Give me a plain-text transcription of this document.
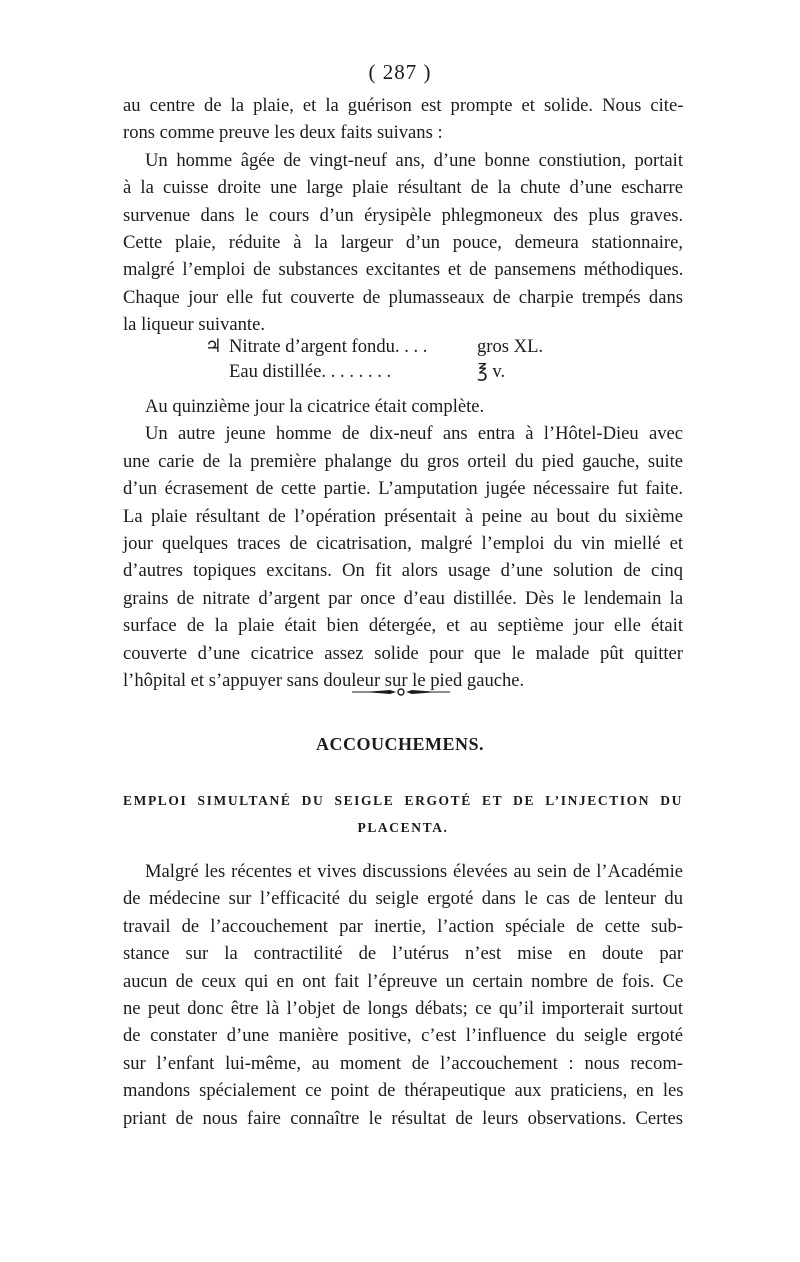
( 287 )
au centre de la plaie, et la guérison est prompte et solide. Nous cite-
rons comme preuve les deux faits suivans :
Un homme âgée de vingt-neuf ans, d’une bonne constiution, portait
à la cuisse droite une large plaie résultant de la chute d’une escharre
survenue dans le cours d’un érysipèle phlegmoneux des plus graves.
Cette plaie, réduite à la largeur d’un pouce, demeura stationnaire,
malgré l’emploi de substances excitantes et de pansemens méthodiques.
Chaque jour elle fut couverte de plumasseaux de charpie trempés dans
la liqueur suivante.
♃ Nitrate d’argent fondu. . . .	gros XL.
Eau distillée. . . . . . . .	℥ v.
Au quinzième jour la cicatrice était complète.
Un autre jeune homme de dix-neuf ans entra à l’Hôtel-Dieu avec
une carie de la première phalange du gros orteil du pied gauche, suite
d’un écrasement de cette partie. L’amputation jugée nécessaire fut faite.
La plaie résultant de l’opération présentait à peine au bout du sixième
jour quelques traces de cicatrisation, malgré l’emploi du vin miellé et
d’autres topiques excitans. On fit alors usage d’une solution de cinq
grains de nitrate d’argent par once d’eau distillée. Dès le lendemain la
surface de la plaie était bien détergée, et au septième jour elle était
couverte d’une cicatrice assez solide pour que le malade pût quitter
l’hôpital et s’appuyer sans douleur sur le pied gauche.
ACCOUCHEMENS.
EMPLOI SIMULTANÉ DU SEIGLE ERGOTÉ ET DE L’INJECTION DU
PLACENTA.
Malgré les récentes et vives discussions élevées au sein de l’Académie
de médecine sur l’efficacité du seigle ergoté dans le cas de lenteur du
travail de l’accouchement par inertie, l’action spéciale de cette sub-
stance sur la contractilité de l’utérus n’est mise en doute par
aucun de ceux qui en ont fait l’épreuve un certain nombre de fois. Ce
ne peut donc être là l’objet de longs débats; ce qu’il importerait surtout
de constater d’une manière positive, c’est l’influence du seigle ergoté
sur l’enfant lui-même, au moment de l’accouchement : nous recom-
mandons spécialement ce point de thérapeutique aux praticiens, en les
priant de nous faire connaître le résultat de leurs observations. Certes
